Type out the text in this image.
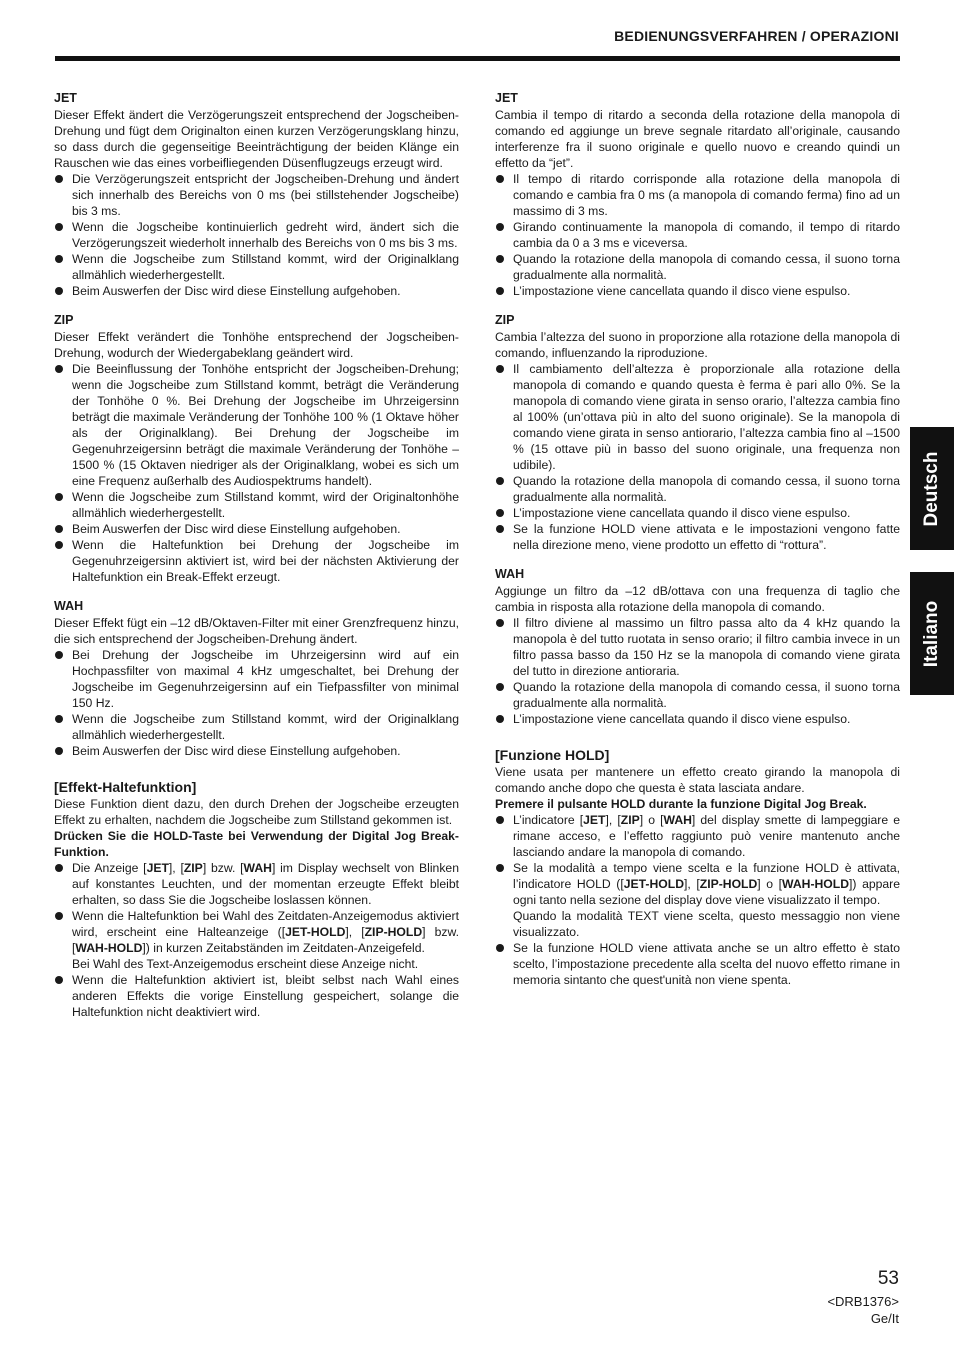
BEDIENUNGSVERFAHREN / OPERAZIONI
JET

Dieser Effekt ändert die Verzögerungszeit entsprechend der Jogscheiben-Drehung und fügt dem Originalton einen kurzen Verzögerungsklang hinzu, so dass durch die gegenseitige Beeinträchtigung der beiden Klänge ein Rauschen wie das eines vorbeifliegenden Düsenflugzeugs erzeugt wird.

Die Verzögerungszeit entspricht der Jogscheiben-Drehung und ändert sich innerhalb des Bereichs von 0 ms (bei stillstehender Jogscheibe) bis 3 ms.
Wenn die Jogscheibe kontinuierlich gedreht wird, ändert sich die Verzögerungszeit wiederholt innerhalb des Bereichs von 0 ms bis 3 ms.
Wenn die Jogscheibe zum Stillstand kommt, wird der Originalklang allmählich wiederhergestellt.
Beim Auswerfen der Disc wird diese Einstellung aufgehoben.
ZIP

Dieser Effekt verändert die Tonhöhe entsprechend der Jogscheiben-Drehung, wodurch der Wiedergabeklang geändert wird.

Die Beeinflussung der Tonhöhe entspricht der Jogscheiben-Drehung; wenn die Jogscheibe zum Stillstand kommt, beträgt die Veränderung der Tonhöhe 0 %. Bei Drehung der Jogscheibe im Uhrzeigersinn beträgt die maximale Veränderung der Tonhöhe 100 % (1 Oktave höher als der Originalklang). Bei Drehung der Jogscheibe im Gegenuhrzeigersinn beträgt die maximale Veränderung der Tonhöhe –1500 % (15 Oktaven niedriger als der Originalklang, wobei es sich um eine Frequenz außerhalb des Audiospektrums handelt).
Wenn die Jogscheibe zum Stillstand kommt, wird der Originaltonhöhe allmählich wiederhergestellt.
Beim Auswerfen der Disc wird diese Einstellung aufgehoben.
Wenn die Haltefunktion bei Drehung der Jogscheibe im Gegenuhrzeigersinn aktiviert ist, wird bei der nächsten Aktivierung der Haltefunktion ein Break-Effekt erzeugt.
WAH

Dieser Effekt fügt ein –12 dB/Oktaven-Filter mit einer Grenzfrequenz hinzu, die sich entsprechend der Jogscheiben-Drehung ändert.

Bei Drehung der Jogscheibe im Uhrzeigersinn wird auf ein Hochpassfilter von maximal 4 kHz umgeschaltet, bei Drehung der Jogscheibe im Gegenuhrzeigersinn auf ein Tiefpassfilter von minimal 150 Hz.
Wenn die Jogscheibe zum Stillstand kommt, wird der Originalklang allmählich wiederhergestellt.
Beim Auswerfen der Disc wird diese Einstellung aufgehoben.
[Effekt-Haltefunktion]

Diese Funktion dient dazu, den durch Drehen der Jogscheibe erzeugten Effekt zu erhalten, nachdem die Jogscheibe zum Stillstand gekommen ist.

Drücken Sie die HOLD-Taste bei Verwendung der Digital Jog Break-Funktion.

Die Anzeige [JET], [ZIP] bzw. [WAH] im Display wechselt von Blinken auf konstantes Leuchten, und der momentan erzeugte Effekt bleibt erhalten, so dass Sie die Jogscheibe loslassen können.
Wenn die Haltefunktion bei Wahl des Zeitdaten-Anzeigemodus aktiviert wird, erscheint eine Halteanzeige ([JET-HOLD], [ZIP-HOLD] bzw. [WAH-HOLD]) in kurzen Zeitabständen im Zeitdaten-Anzeigefeld.
Bei Wahl des Text-Anzeigemodus erscheint diese Anzeige nicht.
Wenn die Haltefunktion aktiviert ist, bleibt selbst nach Wahl eines anderen Effekts die vorige Einstellung gespeichert, solange die Haltefunktion nicht deaktiviert wird.
JET

Cambia il tempo di ritardo a seconda della rotazione della manopola di comando ed aggiunge un breve segnale ritardato all’originale, causando interferenze fra il suono originale e quello nuovo e creando quindi un effetto da “jet”.

Il tempo di ritardo corrisponde alla rotazione della manopola di comando e cambia fra 0 ms (a manopola di comando ferma) fino ad un massimo di 3 ms.
Girando continuamente la manopola di comando, il tempo di ritardo cambia da 0 a 3 ms e viceversa.
Quando la rotazione della manopola di comando cessa, il suono torna gradualmente alla normalità.
L’impostazione viene cancellata quando il disco viene espulso.
ZIP

Cambia l’altezza del suono in proporzione alla rotazione della manopola di comando, influenzando la riproduzione.

Il cambiamento dell’altezza è proporzionale alla rotazione della manopola di comando e quando questa è ferma è pari allo 0%. Se la manopola di comando viene girata in senso orario, l’altezza cambia fino al 100% (un’ottava più in alto del suono originale). Se la manopola di comando viene girata in senso antiorario, l’altezza cambia fino al –1500 % (15 ottave più in basso del suono originale, una frequenza non udibile).
Quando la rotazione della manopola di comando cessa, il suono torna gradualmente alla normalità.
L’impostazione viene cancellata quando il disco viene espulso.
Se la funzione HOLD viene attivata e le impostazioni vengono fatte nella direzione meno, viene prodotto un effetto di “rottura”.
WAH

Aggiunge un filtro da –12 dB/ottava con una frequenza di taglio che cambia in risposta alla rotazione della manopola di comando.

Il filtro diviene al massimo un filtro passa alto da 4 kHz quando la manopola è del tutto ruotata in senso orario; il filtro cambia invece in un filtro passa basso da 150 Hz se la manopola di comando viene girata del tutto in direzione antioraria.
Quando la rotazione della manopola di comando cessa, il suono torna gradualmente alla normalità.
L’impostazione viene cancellata quando il disco viene espulso.
[Funzione HOLD]

Viene usata per mantenere un effetto creato girando la manopola di comando anche dopo che questa è stata lasciata andare.

Premere il pulsante HOLD durante la funzione Digital Jog Break.

L’indicatore [JET], [ZIP] o [WAH] del display smette di lampeggiare e rimane acceso, e l’effetto raggiunto può venire mantenuto anche lasciando andare la manopola di comando.
Se la modalità a tempo viene scelta e la funzione HOLD è attivata, l’indicatore HOLD ([JET-HOLD], [ZIP-HOLD] o [WAH-HOLD]) appare ogni tanto nella sezione del display dove viene visualizzato il tempo.
Quando la modalità TEXT viene scelta, questo messaggio non viene visualizzato.
Se la funzione HOLD viene attivata anche se un altro effetto è stato scelto, l’impostazione precedente alla scelta del nuovo effetto rimane in memoria sintanto che quest'unità non viene spenta.
Deutsch
Italiano
53
<DRB1376>
Ge/It
